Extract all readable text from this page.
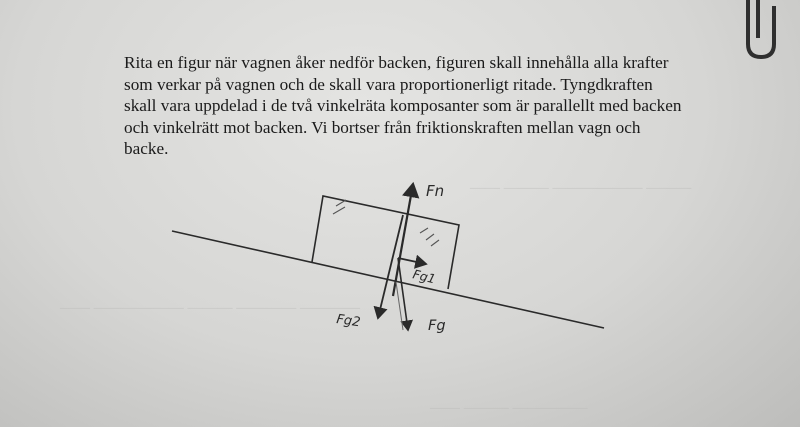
——— —————— ——— ——
———— ———— ——— —————— ——
————— ——— ——
Rita en figur när vagnen åker nedför backen, figuren skall innehålla alla krafter
som verkar på vagnen och de skall vara proportionerligt ritade. Tyngdkraften
skall vara uppdelad i de två vinkelräta komposanter som är parallellt med backen
och vinkelrätt mot backen. Vi bortser från friktionskraften mellan vagn och
backe.
Fn
Fg1
Fg2	Fg
